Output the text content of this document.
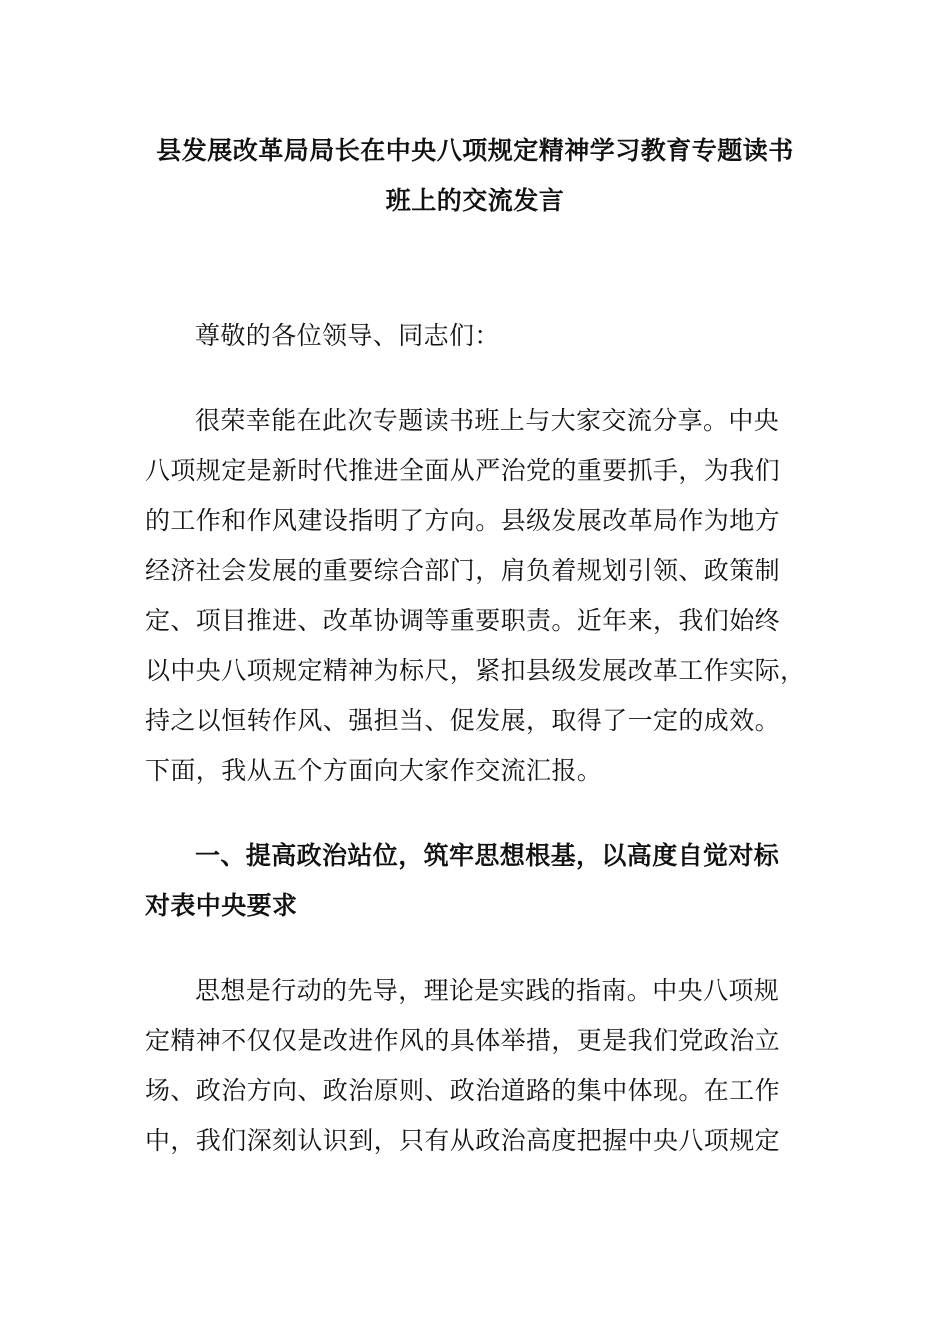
县发展改革局局长在中央八项规定精神学习教育专题读书
班上的交流发言

尊敬的各位领导、同志们：

很荣幸能在此次专题读书班上与大家交流分享。中央

八项规定是新时代推进全面从严治党的重要抓手，为我们

的工作和作风建设指明了方向。县级发展改革局作为地方

经济社会发展的重要综合部门，肩负着规划引领、政策制

定、项目推进、改革协调等重要职责。近年来，我们始终

以中央八项规定精神为标尺，紧扣县级发展改革工作实际，

持之以恒转作风、强担当、促发展，取得了一定的成效。

下面，我从五个方面向大家作交流汇报。

一、提高政治站位，筑牢思想根基，以高度自觉对标

对表中央要求

思想是行动的先导，理论是实践的指南。中央八项规

定精神不仅仅是改进作风的具体举措，更是我们党政治立

场、政治方向、政治原则、政治道路的集中体现。在工作

中，我们深刻认识到，只有从政治高度把握中央八项规定
